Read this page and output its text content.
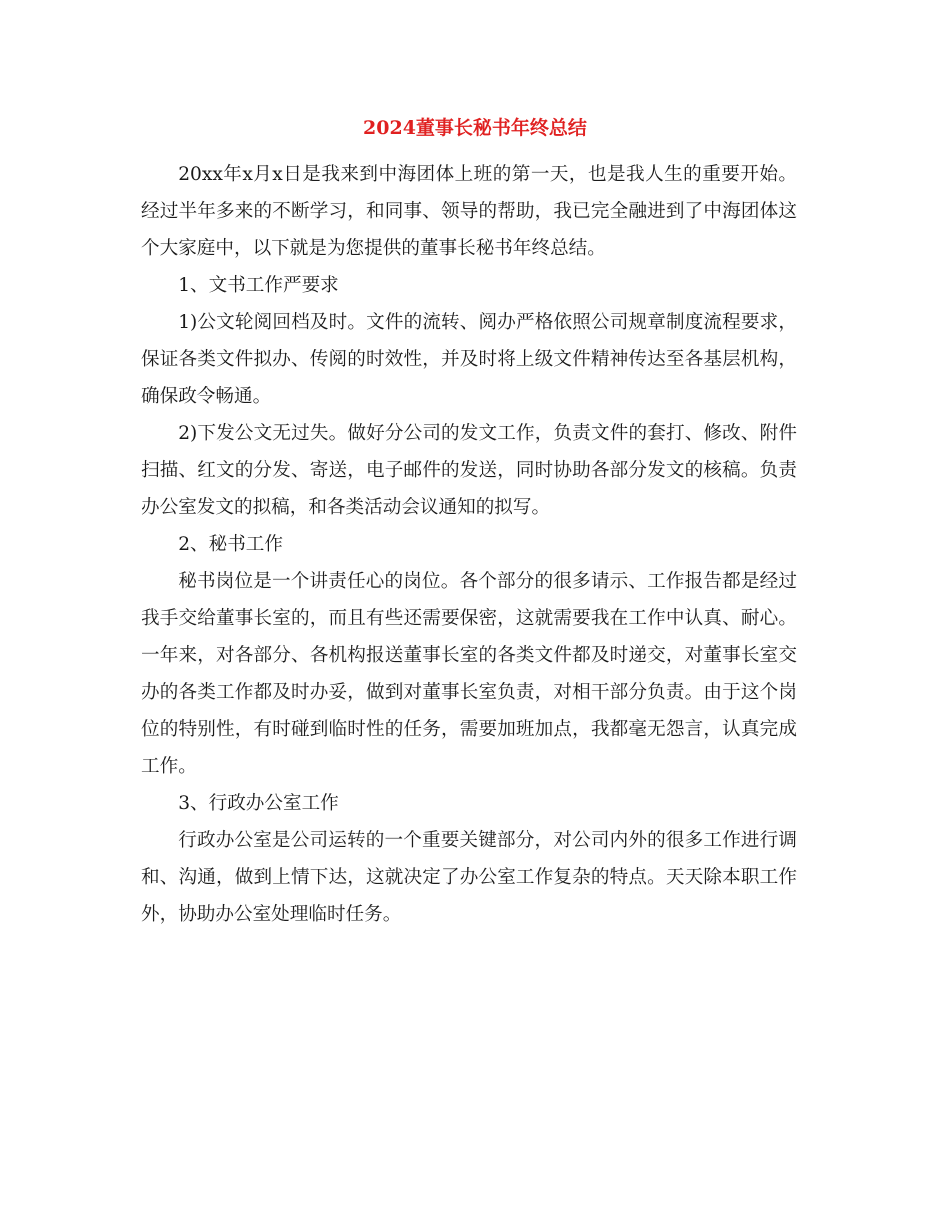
2024董事长秘书年终总结

20xx年x月x日是我来到中海团体上班的第一天，也是我人生的重要开始。经过半年多来的不断学习，和同事、领导的帮助，我已完全融进到了中海团体这个大家庭中，以下就是为您提供的董事长秘书年终总结。

1、文书工作严要求

1)公文轮阅回档及时。文件的流转、阅办严格依照公司规章制度流程要求，保证各类文件拟办、传阅的时效性，并及时将上级文件精神传达至各基层机构，确保政令畅通。

2)下发公文无过失。做好分公司的发文工作，负责文件的套打、修改、附件扫描、红文的分发、寄送，电子邮件的发送，同时协助各部分发文的核稿。负责办公室发文的拟稿，和各类活动会议通知的拟写。

2、秘书工作

秘书岗位是一个讲责任心的岗位。各个部分的很多请示、工作报告都是经过我手交给董事长室的，而且有些还需要保密，这就需要我在工作中认真、耐心。一年来，对各部分、各机构报送董事长室的各类文件都及时递交，对董事长室交办的各类工作都及时办妥，做到对董事长室负责，对相干部分负责。由于这个岗位的特别性，有时碰到临时性的任务，需要加班加点，我都毫无怨言，认真完成工作。

3、行政办公室工作

行政办公室是公司运转的一个重要关键部分，对公司内外的很多工作进行调和、沟通，做到上情下达，这就决定了办公室工作复杂的特点。天天除本职工作外，协助办公室处理临时任务。
